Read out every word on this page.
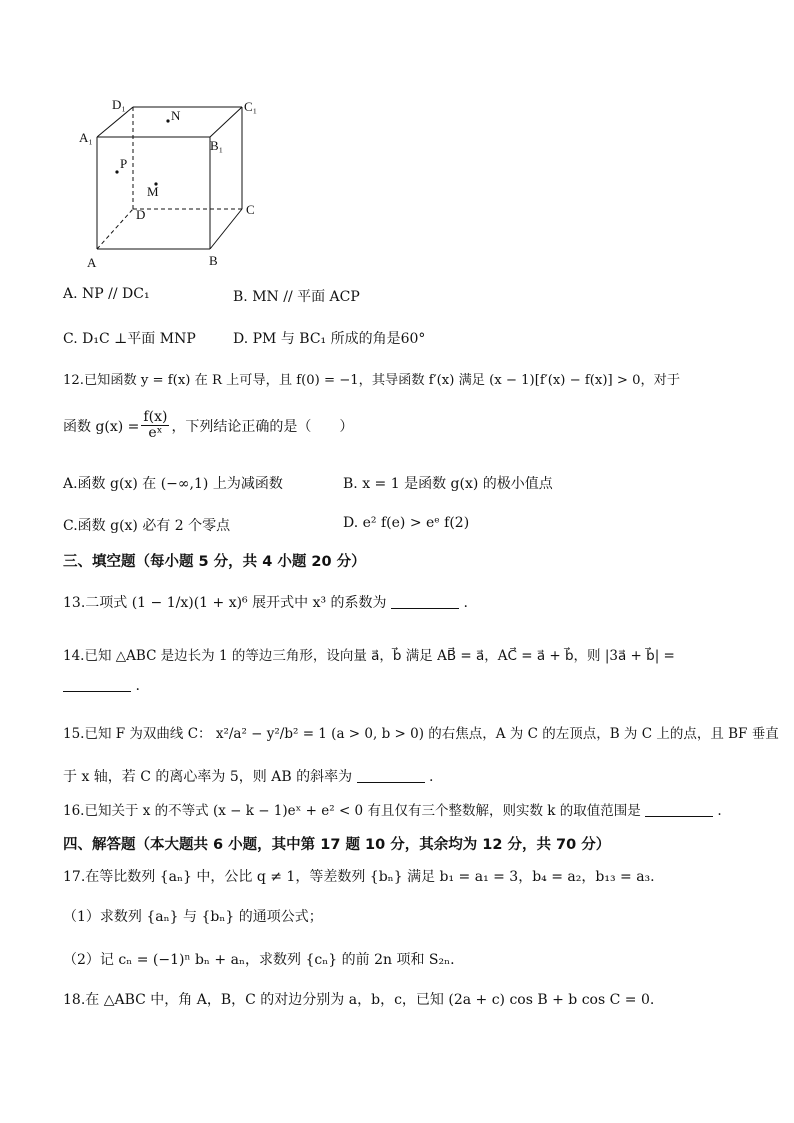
D₁	C₁
A₁
B₁
N
P
M
D	C
A	B
A. NP // DC₁	B. MN // 平面 ACP
C. D₁C ⊥平面 MNP	D. PM 与 BC₁ 所成的角是60°
12.已知函数 y = f(x) 在 R 上可导，且 f(0) = −1，其导函数 f′(x) 满足 (x − 1)[f′(x) − f(x)] > 0，对于
函数 $g(x) = \frac{f(x)}{\text{eˣ}}$ ，下列结论正确的是（　　）
A.函数 g(x) 在 (−∞,1) 上为减函数	B. x = 1 是函数 g(x) 的极小值点
C.函数 g(x) 必有 2 个零点	D. e² f(e) > eᵉ f(2)
三、填空题（每小题 5 分，共 4 小题 20 分）
13.二项式 (1 − 1/x)(1 + x)⁶ 展开式中 x³ 的系数为	.
14.已知 △ABC 是边长为 1 的等边三角形，设向量 a⃗，b⃗ 满足 AB⃗ = a⃗，AC⃗ = a⃗ + b⃗，则 |3a⃗ + b⃗| =
.
15.已知 F 为双曲线 C： x²/a² − y²/b² = 1 (a > 0, b > 0) 的右焦点，A 为 C 的左顶点，B 为 C 上的点，且 BF 垂直
于 x 轴，若 C 的离心率为 5，则 AB 的斜率为	.
16.已知关于 x 的不等式 (x − k − 1)eˣ + e² < 0 有且仅有三个整数解，则实数 k 的取值范围是	.
四、解答题（本大题共 6 小题，其中第 17 题 10 分，其余均为 12 分，共 70 分）
17.在等比数列 {aₙ} 中，公比 q ≠ 1，等差数列 {bₙ} 满足 b₁ = a₁ = 3，b₄ = a₂，b₁₃ = a₃.
（1）求数列 {aₙ} 与 {bₙ} 的通项公式；
（2）记 cₙ = (−1)ⁿ bₙ + aₙ，求数列 {cₙ} 的前 2n 项和 S₂ₙ.
18.在 △ABC 中，角 A，B，C 的对边分别为 a，b，c，已知 (2a + c) cos B + b cos C = 0.
